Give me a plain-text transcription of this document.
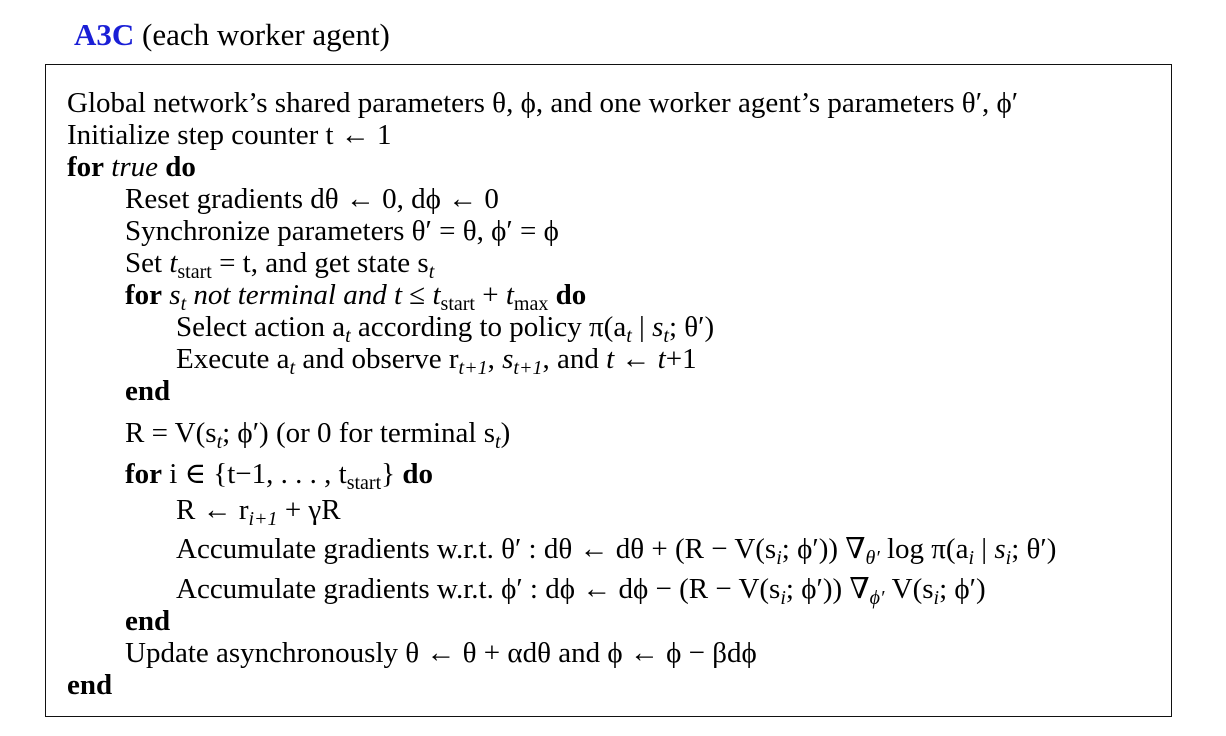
A3C (each worker agent)
Global network’s shared parameters θ, ϕ, and one worker agent’s parameters θ′, ϕ′
Initialize step counter t ← 1
for true do
Reset gradients dθ ← 0, dϕ ← 0
Synchronize parameters θ′ = θ, ϕ′ = ϕ
Set $t_{start} = t$, and get state $s_t$
for $s_t$ not terminal and $t \le t_{start} + t_{max}$ do
Select action $a_t$ according to policy $\pi(a_t$ | $s_t$; θ′)
Execute $a_t$ and observe $r_{t+1}$, $s_{t+1}$, and t ← t+1
end
$R = V(s_t$; ϕ′) (or 0 for terminal $s_t$)
for i ∈ {t−1, . . . , $t_{start}$} do
R ← $r_{i+1} + \gamma R$
Accumulate gradients w.r.t. θ′ : dθ ← $d\theta + (R - V(s_i$; ϕ′)) $\nabla_{\theta'}$ $\log \pi(a_i$ | $s_i$; θ′)
Accumulate gradients w.r.t. ϕ′ : dϕ ← $d\phi - (R - V(s_i$; ϕ′)) $\nabla_{\phi'}$ $V(s_i$; ϕ′)
end
Update asynchronously θ ← θ + αdθ and ϕ ← ϕ − βdϕ
end
